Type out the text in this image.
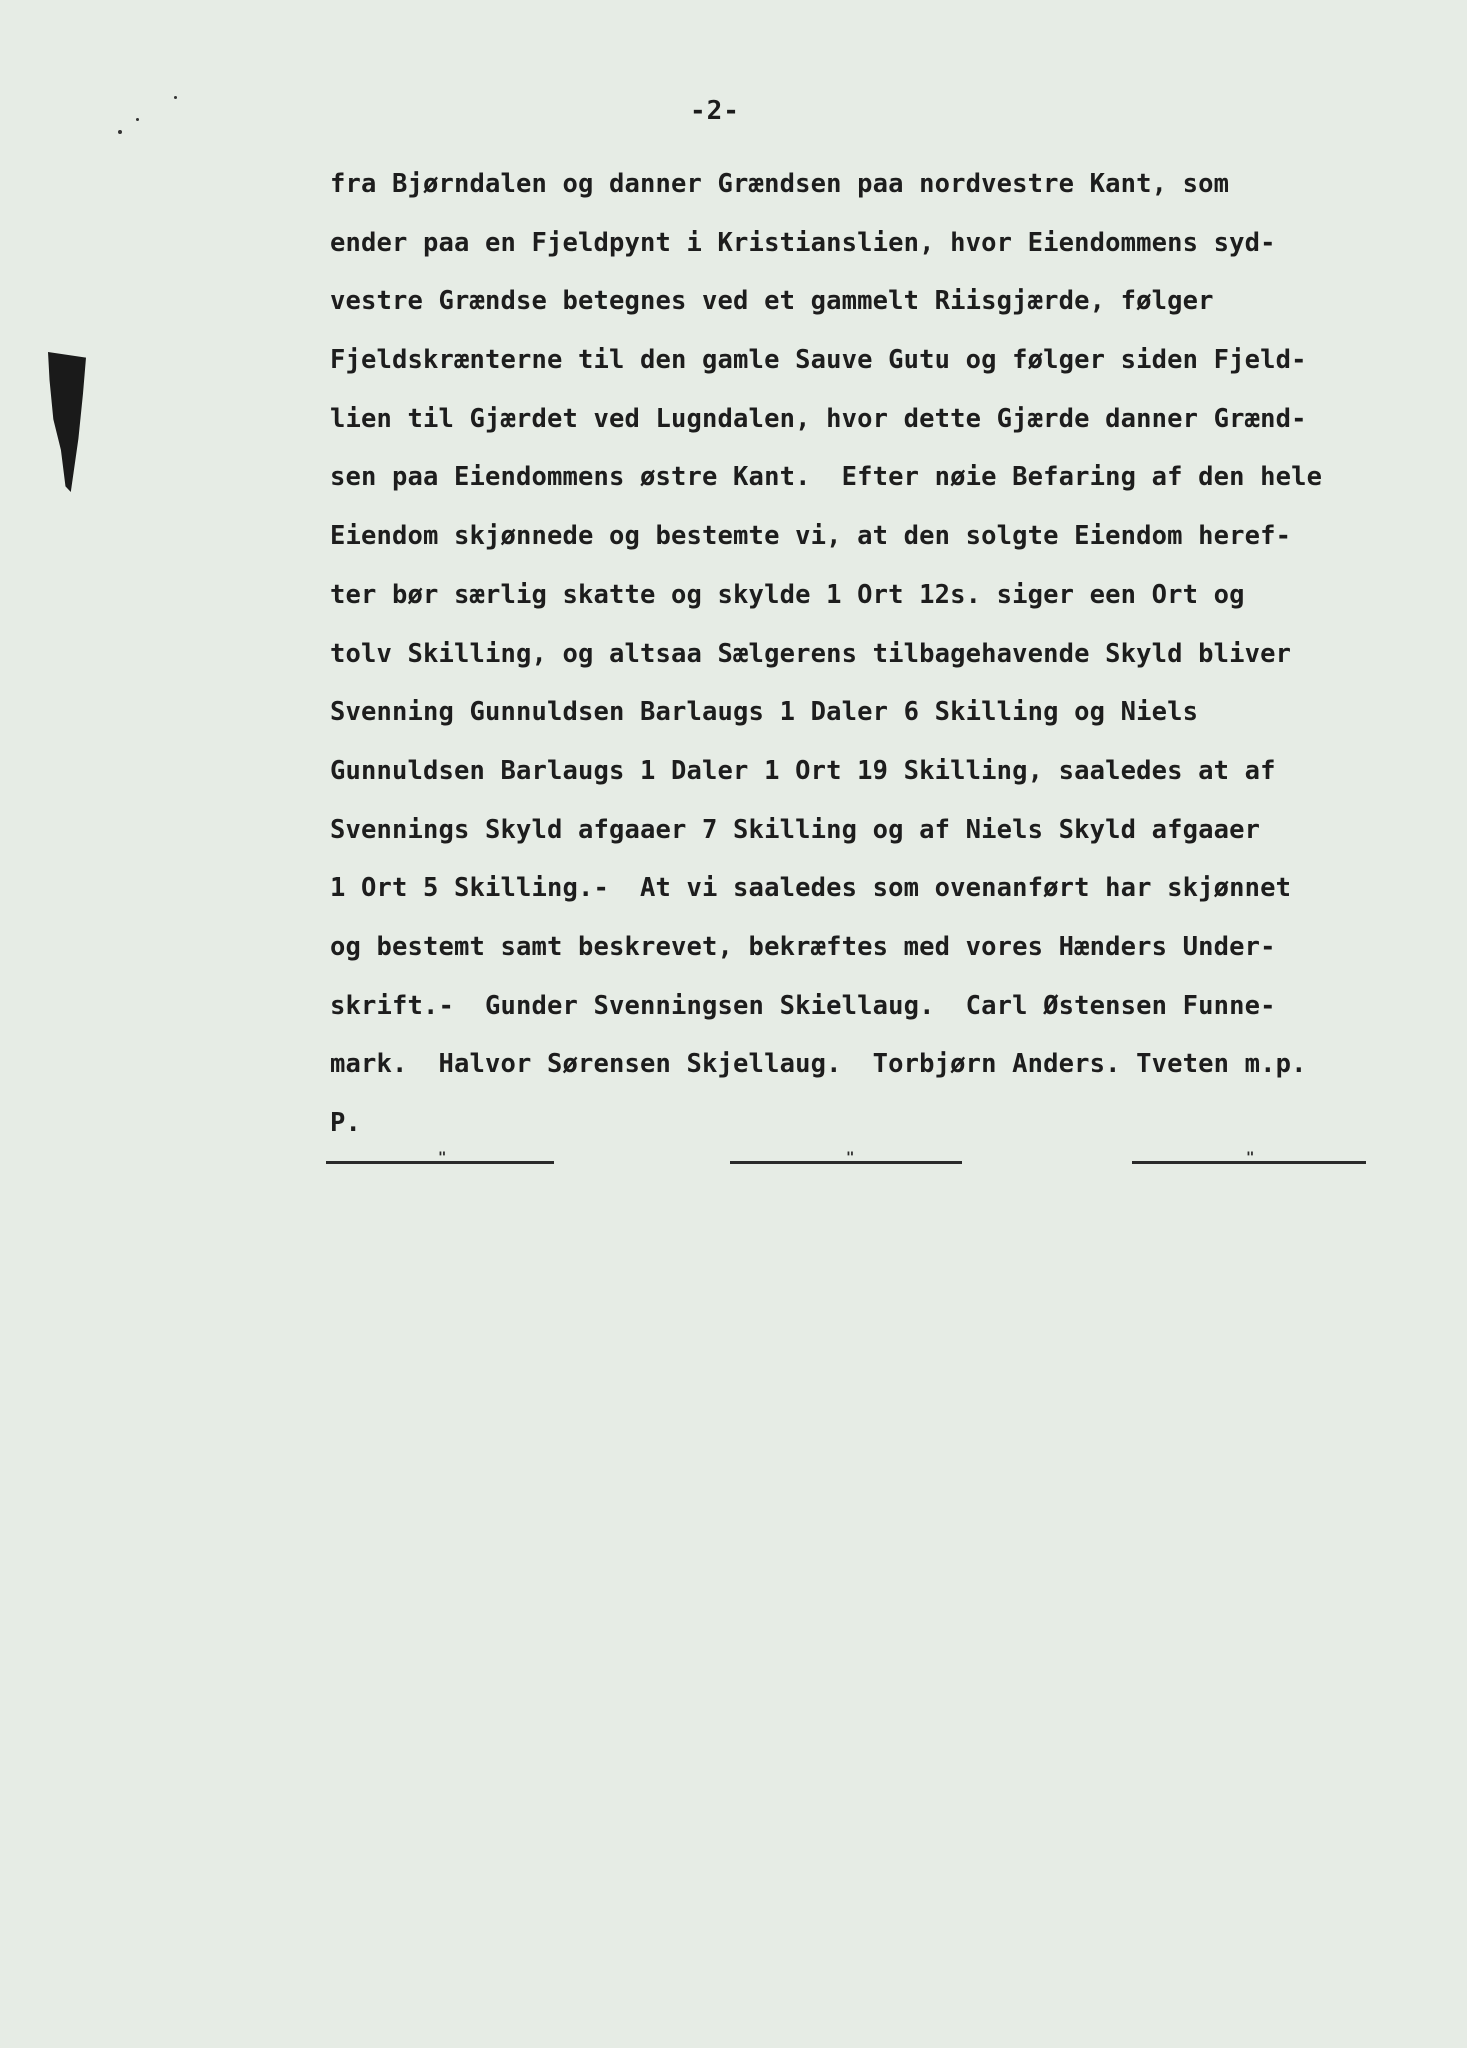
-2-
fra Bjørndalen og danner Grændsen paa nordvestre Kant, som
ender paa en Fjeldpynt i Kristianslien, hvor Eiendommens syd-
vestre Grændse betegnes ved et gammelt Riisgjærde, følger
Fjeldskrænterne til den gamle Sauve Gutu og følger siden Fjeld-
lien til Gjærdet ved Lugndalen, hvor dette Gjærde danner Grænd-
sen paa Eiendommens østre Kant.  Efter nøie Befaring af den hele
Eiendom skjønnede og bestemte vi, at den solgte Eiendom heref-
ter bør særlig skatte og skylde 1 Ort 12s. siger een Ort og
tolv Skilling, og altsaa Sælgerens tilbagehavende Skyld bliver
Svenning Gunnuldsen Barlaugs 1 Daler 6 Skilling og Niels
Gunnuldsen Barlaugs 1 Daler 1 Ort 19 Skilling, saaledes at af
Svennings Skyld afgaaer 7 Skilling og af Niels Skyld afgaaer
1 Ort 5 Skilling.-  At vi saaledes som ovenanført har skjønnet
og bestemt samt beskrevet, bekræftes med vores Hænders Under-
skrift.-  Gunder Svenningsen Skiellaug.  Carl Østensen Funne-
mark.  Halvor Sørensen Skjellaug.  Torbjørn Anders. Tveten m.p.
P.
"	"	"
